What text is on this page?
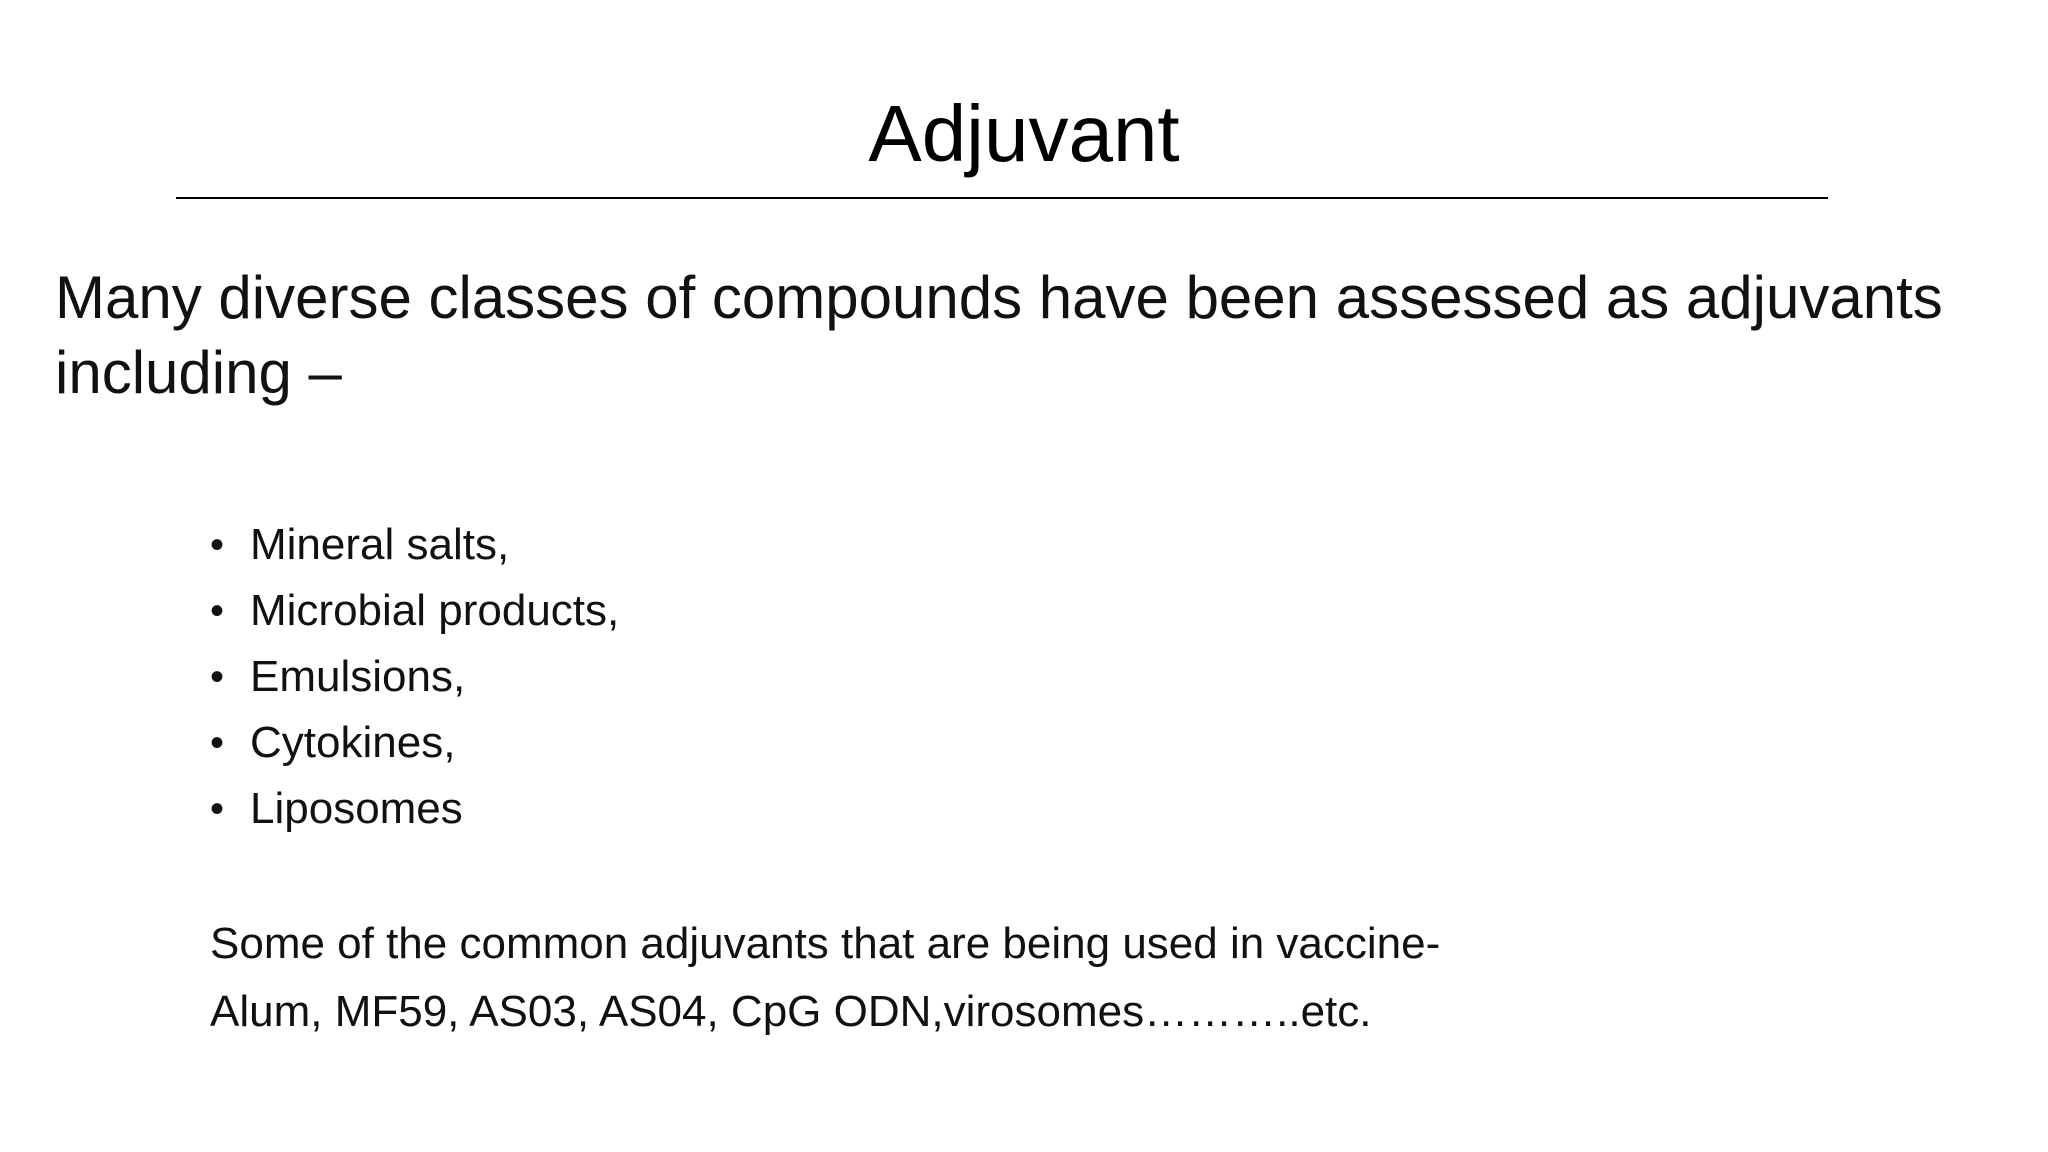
Adjuvant
Many diverse classes of compounds have been assessed as adjuvants including –
• Mineral salts,
• Microbial products,
• Emulsions,
• Cytokines,
• Liposomes
Some of the common adjuvants that are being used in vaccine-
Alum, MF59, AS03, AS04, CpG ODN,virosomes………..etc.
